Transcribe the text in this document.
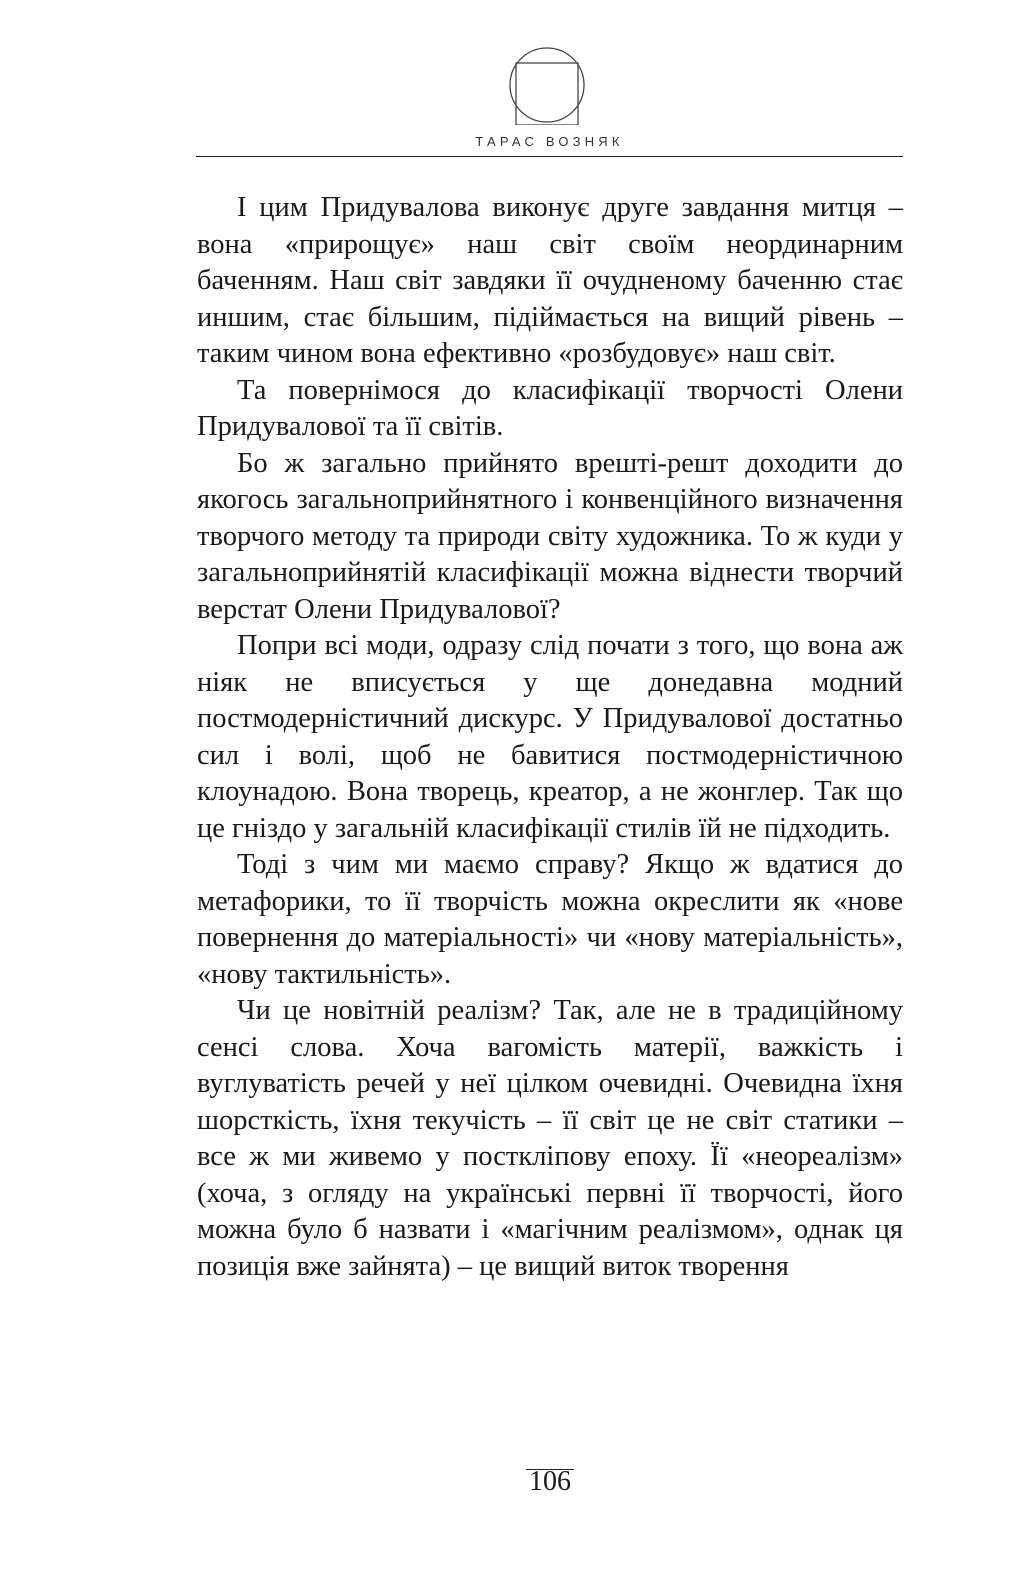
ТАРАС ВОЗНЯК

І цим Придувалова виконує друге завдання митця – вона «прирощує» наш світ своїм неординарним баченням. Наш світ завдяки її очудненому баченню стає иншим, стає більшим, підіймається на вищий рівень – таким чином вона ефективно «розбудовує» наш світ.

Та повернімося до класифікації творчості Олени Придувалової та її світів.

Бо ж загально прийнято врешті-решт доходити до якогось загальноприйнятного і конвенційного визначення творчого методу та природи світу художника. То ж куди у загальноприйнятій класифікації можна віднести творчий верстат Олени Придувалової?

Попри всі моди, одразу слід почати з того, що вона аж ніяк не вписується у ще донедавна модний постмодерністичний дискурс. У Придувалової достатньо сил і волі, щоб не бавитися постмодерністичною клоунадою. Вона творець, креатор, а не жонглер. Так що це гніздо у загальній класифікації стилів їй не підходить.

Тоді з чим ми маємо справу? Якщо ж вдатися до метафорики, то її творчість можна окреслити як «нове повернення до матеріальності» чи «нову матеріальність», «нову тактильність».

Чи це новітній реалізм? Так, але не в традиційному сенсі слова. Хоча вагомість матерії, важкість і вуглуватість речей у неї цілком очевидні. Очевидна їхня шорсткість, їхня текучість – її світ це не світ статики – все ж ми живемо у посткліпову епоху. Її «неореалізм» (хоча, з огляду на українські первні її творчості, його можна було б назвати і «магічним реалізмом», однак ця позиція вже зайнята) – це вищий виток творення

106
